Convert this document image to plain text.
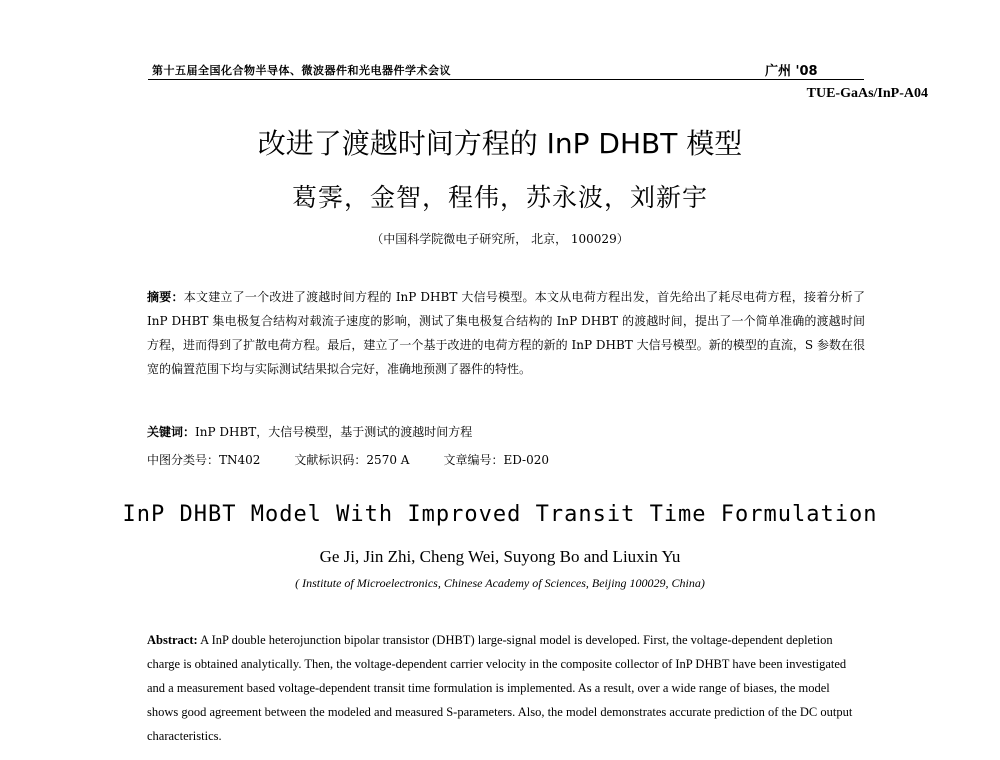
第十五届全国化合物半导体、微波器件和光电器件学术会议	广州 '08
TUE-GaAs/InP-A04
改进了渡越时间方程的 InP DHBT 模型
葛霁，金智，程伟，苏永波，刘新宇
（中国科学院微电子研究所， 北京， 100029）
摘要：本文建立了一个改进了渡越时间方程的 InP DHBT 大信号模型。本文从电荷方程出发，首先给出了耗尽电荷方程，接着分析了 InP DHBT 集电极复合结构对载流子速度的影响，测试了集电极复合结构的 InP DHBT 的渡越时间，提出了一个简单准确的渡越时间方程，进而得到了扩散电荷方程。最后，建立了一个基于改进的电荷方程的新的 InP DHBT 大信号模型。新的模型的直流，S 参数在很宽的偏置范围下均与实际测试结果拟合完好，准确地预测了器件的特性。
关键词：InP DHBT，大信号模型，基于测试的渡越时间方程
中图分类号：TN402	文献标识码：2570 A	文章编号：ED-020
InP DHBT Model With Improved Transit Time Formulation
Ge Ji, Jin Zhi, Cheng Wei, Suyong Bo and Liuxin Yu
( Institute of Microelectronics, Chinese Academy of Sciences, Beijing 100029, China)
Abstract: A InP double heterojunction bipolar transistor (DHBT) large-signal model is developed. First, the voltage-dependent depletion charge is obtained analytically. Then, the voltage-dependent carrier velocity in the composite collector of InP DHBT have been investigated and a measurement based voltage-dependent transit time formulation is implemented. As a result, over a wide range of biases, the model shows good agreement between the modeled and measured S-parameters. Also, the model demonstrates accurate prediction of the DC output characteristics.
